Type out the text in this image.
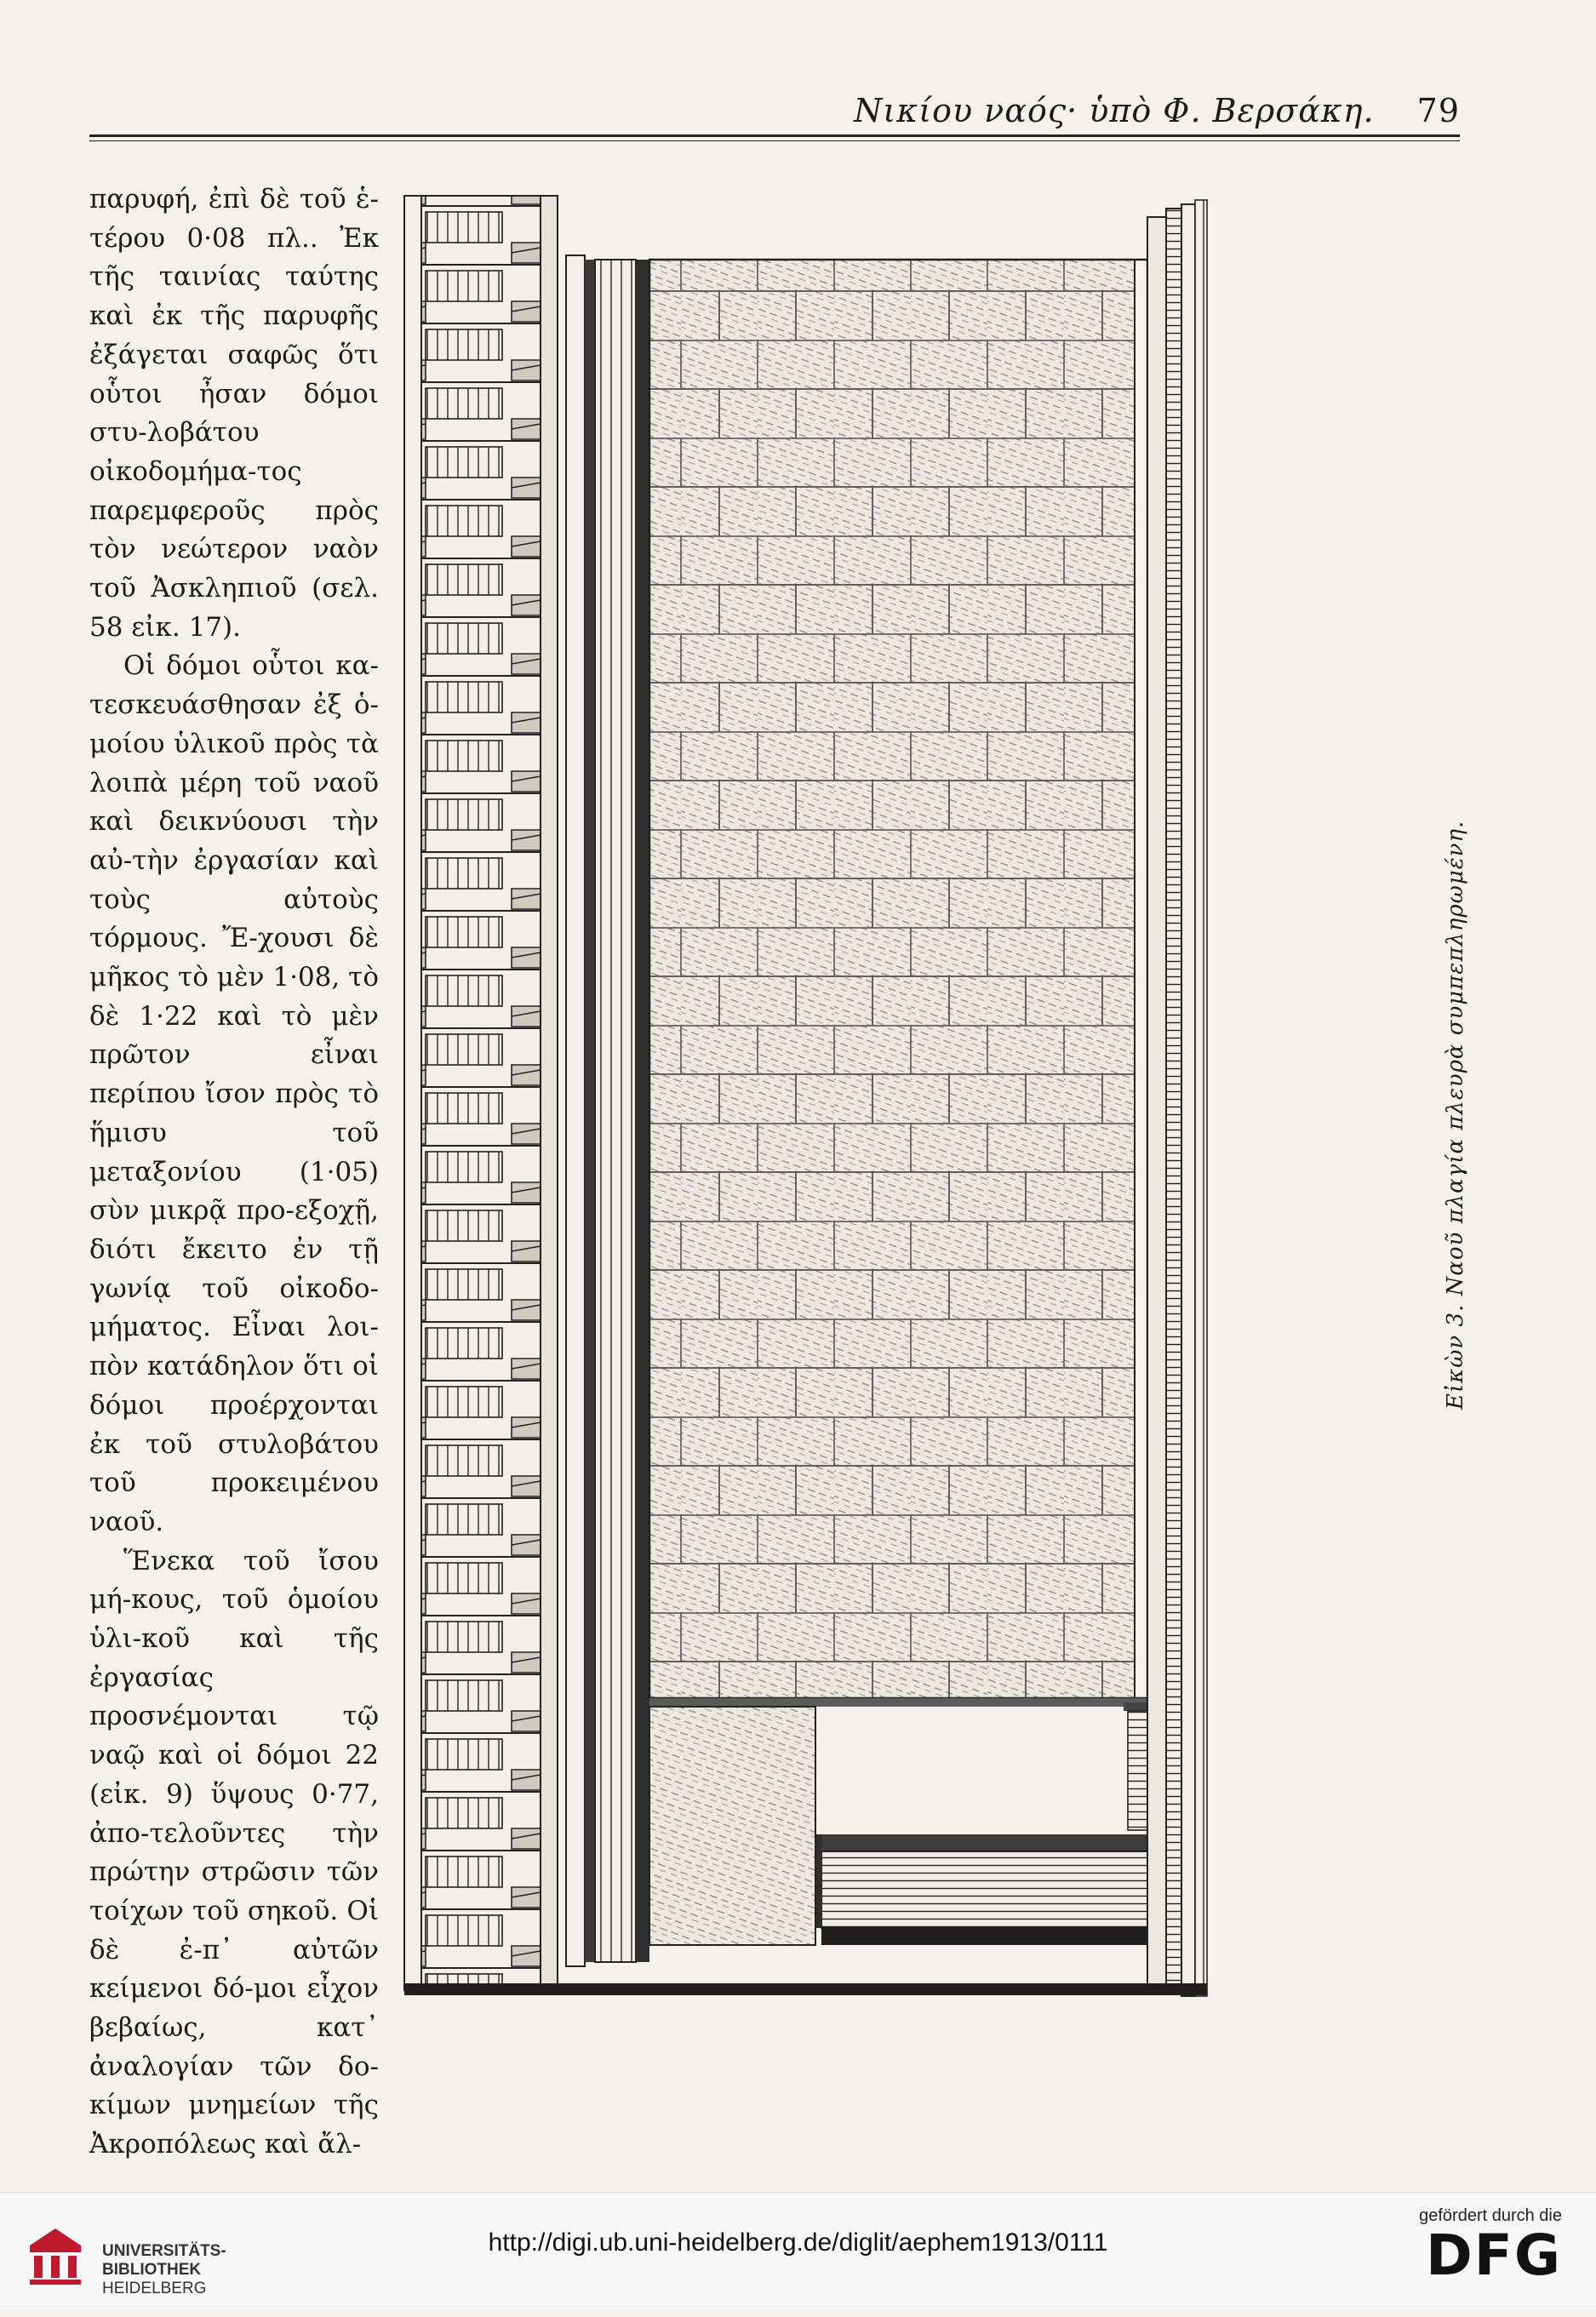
Νικίου ναός· ὑπὸ Φ. Βερσάκη. 79

παρυφή, ἐπὶ δὲ τοῦ ἑ-τέρου 0·08 πλ.. Ἐκ τῆς ταινίας ταύτης καὶ ἐκ τῆς παρυφῆς ἐξάγεται σαφῶς ὅτι οὗτοι ἦσαν δόμοι στυ-λοβάτου οἰκοδομήμα-τος παρεμφεροῦς πρὸς τὸν νεώτερον ναὸν τοῦ Ἀσκληπιοῦ (σελ. 58 εἰκ. 17).

Οἱ δόμοι οὗτοι κα-τεσκευάσθησαν ἐξ ὁ-μοίου ὑλικοῦ πρὸς τὰ λοιπὰ μέρη τοῦ ναοῦ καὶ δεικνύουσι τὴν αὐ-τὴν ἐργασίαν καὶ τοὺς αὐτοὺς τόρμους. Ἔ-χουσι δὲ μῆκος τὸ μὲν 1·08, τὸ δὲ 1·22 καὶ τὸ μὲν πρῶτον εἶναι περίπου ἴσον πρὸς τὸ ἥμισυ τοῦ μεταξονίου (1·05) σὺν μικρᾷ προ-εξοχῇ, διότι ἔκειτο ἐν τῇ γωνίᾳ τοῦ οἰκοδο-μήματος. Εἶναι λοι-πὸν κατάδηλον ὅτι οἱ δόμοι προέρχονται ἐκ τοῦ στυλοβάτου τοῦ προκειμένου ναοῦ.

Ἕνεκα τοῦ ἴσου μή-κους, τοῦ ὁμοίου ὑλι-κοῦ καὶ τῆς ἐργασίας προσνέμονται τῷ ναῷ καὶ οἱ δόμοι 22 (εἰκ. 9) ὕψους 0·77, ἀπο-τελοῦντες τὴν πρώτην στρῶσιν τῶν τοίχων τοῦ σηκοῦ. Οἱ δὲ ἐ-π᾽ αὐτῶν κείμενοι δό-μοι εἶχον βεβαίως, κατ᾽ ἀναλογίαν τῶν δο-κίμων μνημείων τῆς Ἀκροπόλεως καὶ ἄλ-

Εἰκὼν 3. Ναοῦ πλαγία πλευρὰ συμπεπληρωμένη.

UNIVERSITÄTS-
BIBLIOTHEK

HEIDELBERG

http://digi.ub.uni-heidelberg.de/diglit/aephem1913/0111
gefördert durch die
DFG
